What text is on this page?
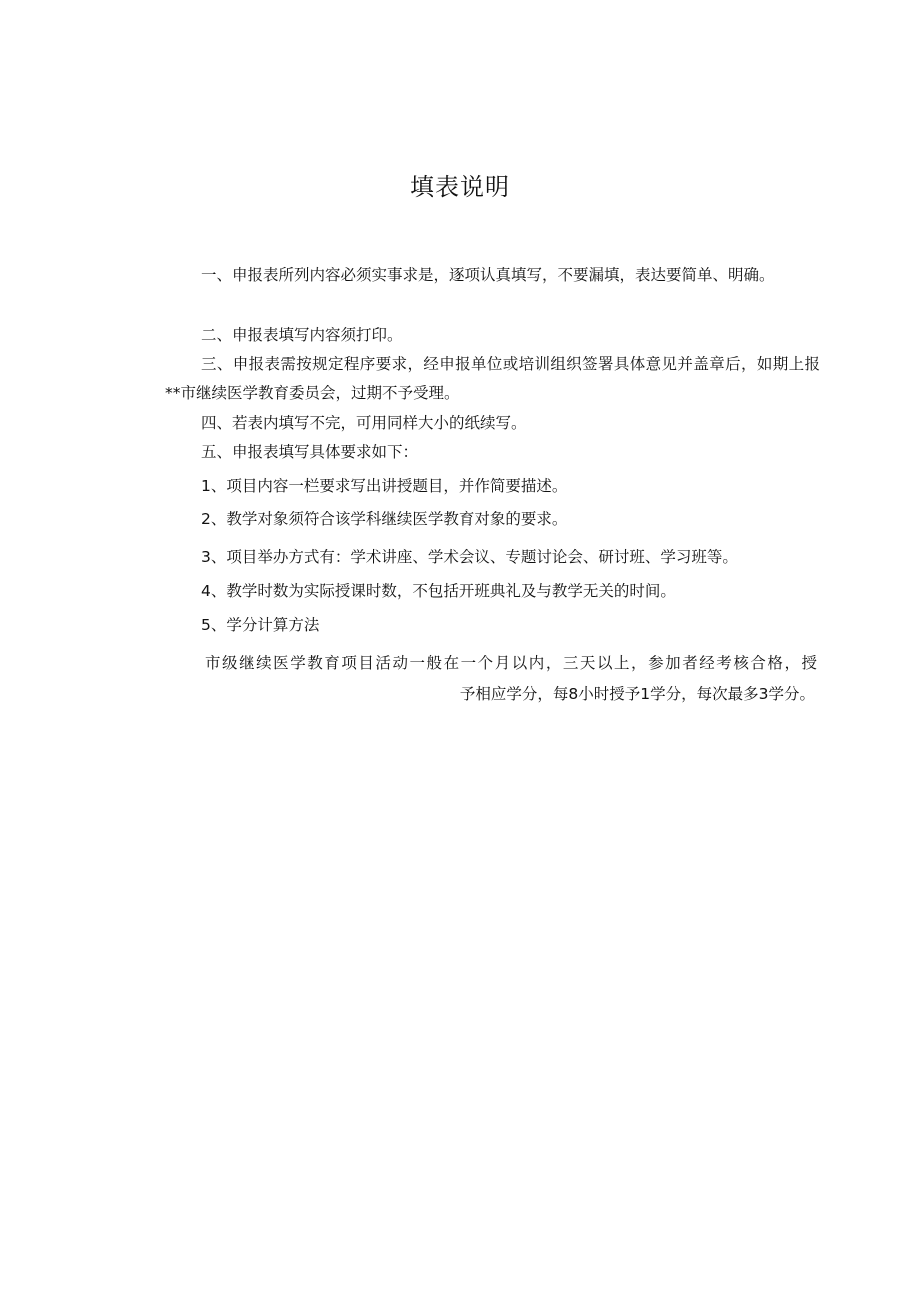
填表说明
一、申报表所列内容必须实事求是，逐项认真填写，不要漏填，表达要简单、明确。
二、申报表填写内容须打印。
三、申报表需按规定程序要求，经申报单位或培训组织签署具体意见并盖章后，如期上报**市继续医学教育委员会，过期不予受理。
四、若表内填写不完，可用同样大小的纸续写。
五、申报表填写具体要求如下：
1、项目内容一栏要求写出讲授题目，并作简要描述。
2、教学对象须符合该学科继续医学教育对象的要求。
3、项目举办方式有：学术讲座、学术会议、专题讨论会、研讨班、学习班等。
4、教学时数为实际授课时数，不包括开班典礼及与教学无关的时间。
5、学分计算方法
市级继续医学教育项目活动一般在一个月以内，三天以上，参加者经考核合格，授
予相应学分，每8小时授予1学分，每次最多3学分。
